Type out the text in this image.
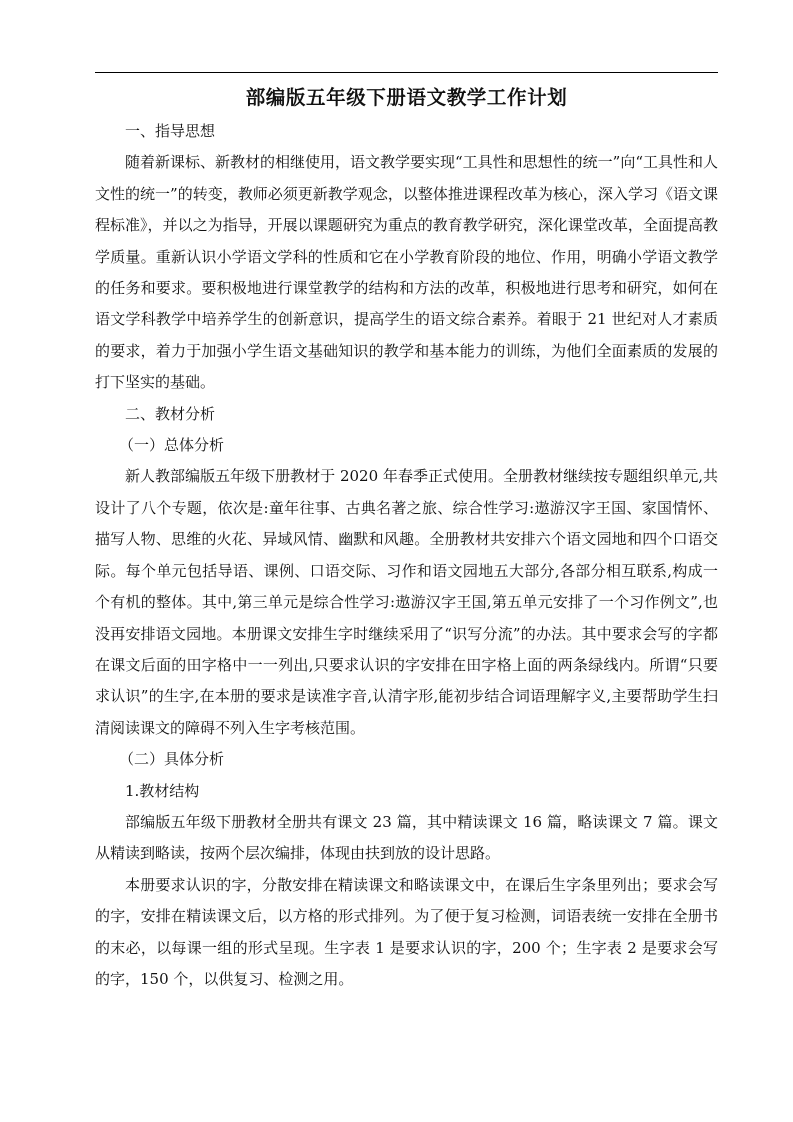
部编版五年级下册语文教学工作计划

一、指导思想

随着新课标、新教材的相继使用，语文教学要实现“工具性和思想性的统一”向“工具性和人文性的统一”的转变，教师必须更新教学观念，以整体推进课程改革为核心，深入学习《语文课程标准》，并以之为指导，开展以课题研究为重点的教育教学研究，深化课堂改革，全面提高教学质量。重新认识小学语文学科的性质和它在小学教育阶段的地位、作用，明确小学语文教学的任务和要求。要积极地进行课堂教学的结构和方法的改革，积极地进行思考和研究，如何在语文学科教学中培养学生的创新意识，提高学生的语文综合素养。着眼于 21 世纪对人才素质的要求，着力于加强小学生语文基础知识的教学和基本能力的训练，为他们全面素质的发展的打下坚实的基础。

二、教材分析

（一）总体分析

新人教部编版五年级下册教材于 2020 年春季正式使用。全册教材继续按专题组织单元,共设计了八个专题，依次是:童年往事、古典名著之旅、综合性学习:遨游汉字王国、家国情怀、描写人物、思维的火花、异域风情、幽默和风趣。全册教材共安排六个语文园地和四个口语交际。每个单元包括导语、课例、口语交际、习作和语文园地五大部分,各部分相互联系,构成一个有机的整体。其中,第三单元是综合性学习:遨游汉字王国,第五单元安排了一个习作例文”,也没再安排语文园地。本册课文安排生字时继续采用了“识写分流”的办法。其中要求会写的字都在课文后面的田字格中一一列出,只要求认识的字安排在田字格上面的两条绿线内。所谓“只要求认识”的生字,在本册的要求是读准字音,认清字形,能初步结合词语理解字义,主要帮助学生扫清阅读课文的障碍不列入生字考核范围。

（二）具体分析

1.教材结构

部编版五年级下册教材全册共有课文 23 篇，其中精读课文 16 篇，略读课文 7 篇。课文从精读到略读，按两个层次编排，体现由扶到放的设计思路。

本册要求认识的字，分散安排在精读课文和略读课文中，在课后生字条里列出；要求会写的字，安排在精读课文后，以方格的形式排列。为了便于复习检测，词语表统一安排在全册书的末必，以每课一组的形式呈现。生字表 1 是要求认识的字，200 个；生字表 2 是要求会写的字，150 个，以供复习、检测之用。
